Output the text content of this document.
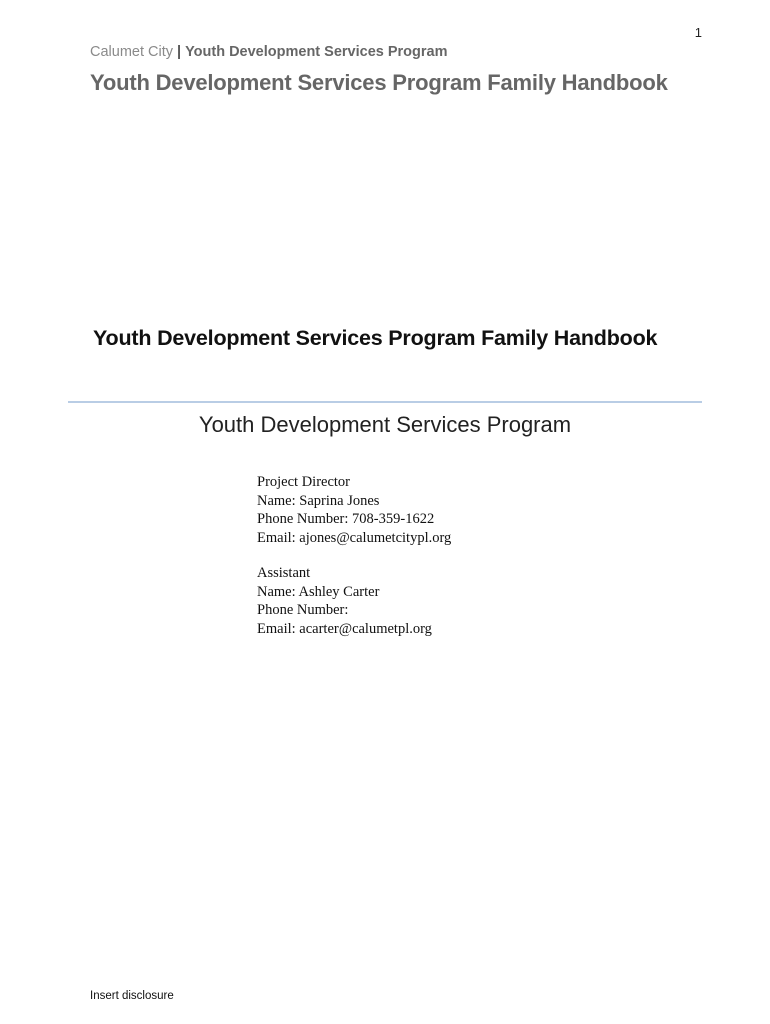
1
Calumet City | Youth Development Services Program
Youth Development Services Program Family Handbook
Youth Development Services Program Family Handbook
Youth Development Services Program
Project Director
Name: Saprina Jones
Phone Number: 708-359-1622
Email: ajones@calumetcitypl.org
Assistant
Name: Ashley Carter
Phone Number:
Email: acarter@calumetpl.org
Insert disclosure
